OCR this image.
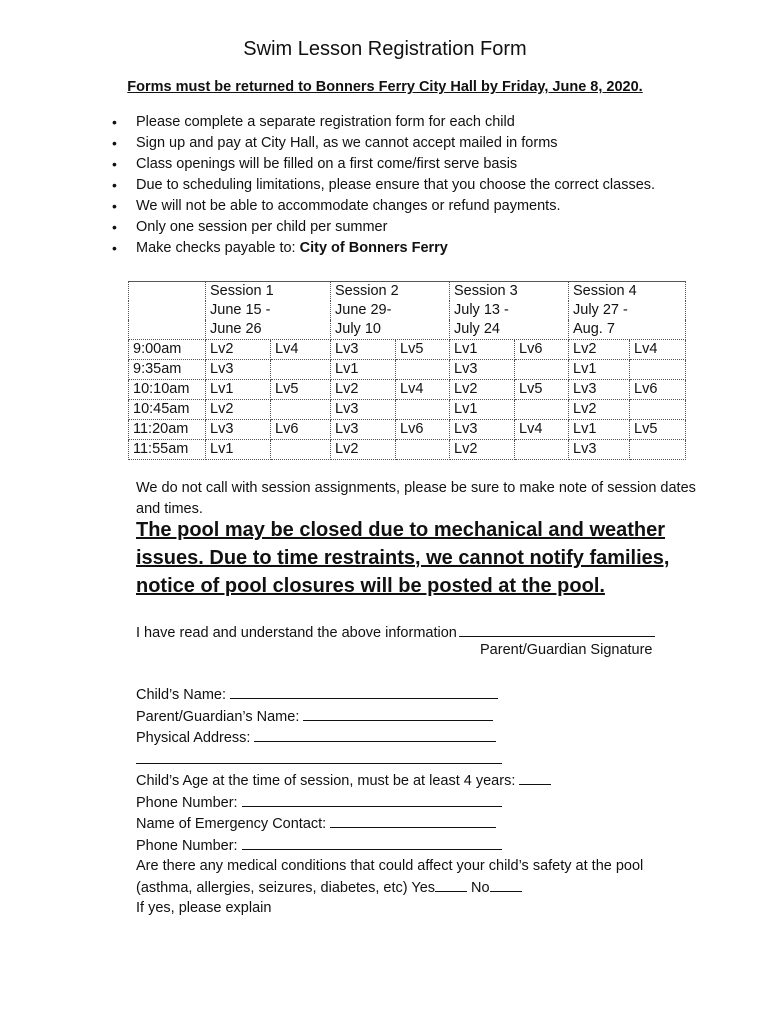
Swim Lesson Registration Form
Forms must be returned to Bonners Ferry City Hall by Friday, June 8, 2020.
• Please complete a separate registration form for each child
• Sign up and pay at City Hall, as we cannot accept mailed in forms
• Class openings will be filled on a first come/first serve basis
• Due to scheduling limitations, please ensure that you choose the correct classes.
• We will not be able to accommodate changes or refund payments.
• Only one session per child per summer
• Make checks payable to: City of Bonners Ferry
	Session 1		Session 2		Session 3		Session 4	
	June 15 -		June 29-		July 13 -		July 27 -	
	June 26		July 10		July 24		Aug. 7	
9:00am	Lv2	Lv4	Lv3	Lv5	Lv1	Lv6	Lv2	Lv4
9:35am	Lv3		Lv1		Lv3		Lv1	
10:10am	Lv1	Lv5	Lv2	Lv4	Lv2	Lv5	Lv3	Lv6
10:45am	Lv2		Lv3		Lv1		Lv2	
11:20am	Lv3	Lv6	Lv3	Lv6	Lv3	Lv4	Lv1	Lv5
11:55am	Lv1		Lv2		Lv2		Lv3	
We do not call with session assignments, please be sure to make note of session dates and times.
The pool may be closed due to mechanical and weather issues. Due to time restraints, we cannot notify families, notice of pool closures will be posted at the pool.
I have read and understand the above information
Parent/Guardian Signature
Child’s Name:
Parent/Guardian’s Name:
Physical Address:
Child’s Age at the time of session, must be at least 4 years:
Phone Number:
Name of Emergency Contact:
Phone Number:
Are there any medical conditions that could affect your child’s safety at the pool
(asthma, allergies, seizures, diabetes, etc) Yes No
If yes, please explain
